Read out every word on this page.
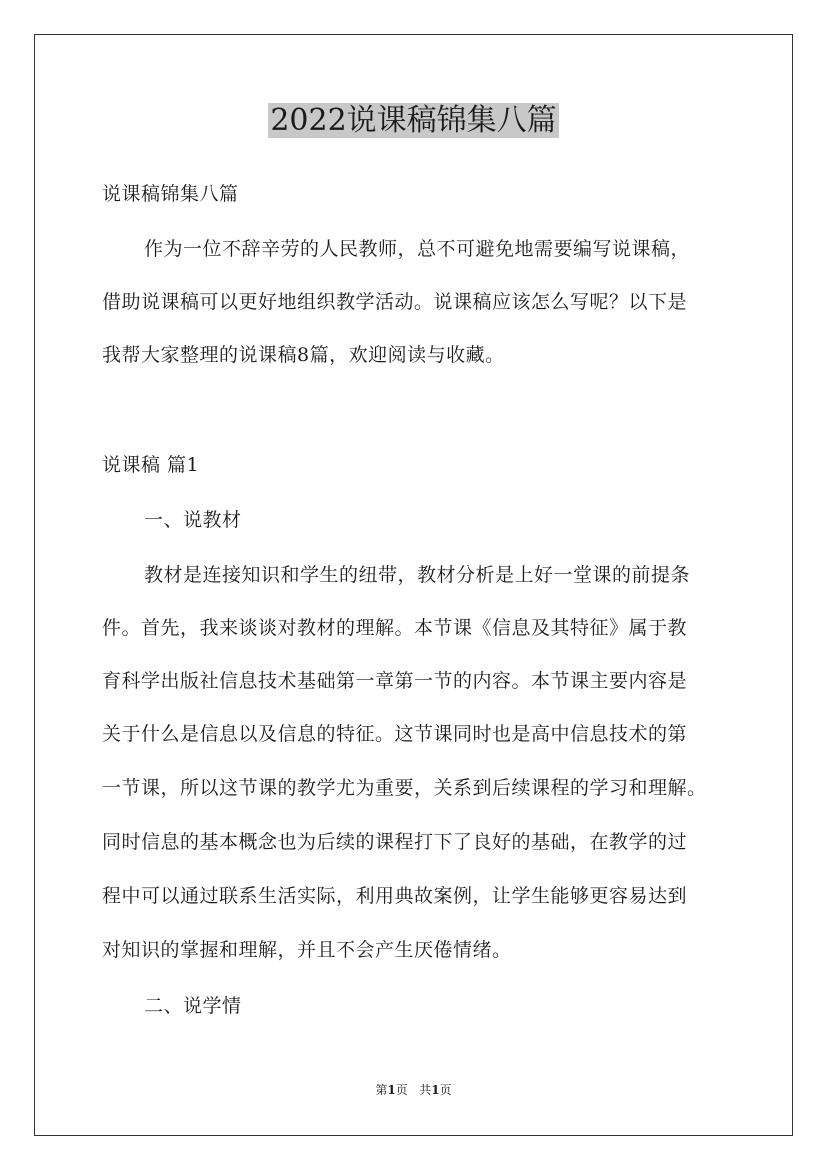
2022说课稿锦集八篇
说课稿锦集八篇
作为一位不辞辛劳的人民教师，总不可避免地需要编写说课稿，
借助说课稿可以更好地组织教学活动。说课稿应该怎么写呢？以下是
我帮大家整理的说课稿8篇，欢迎阅读与收藏。
说课稿 篇1
一、说教材
教材是连接知识和学生的纽带，教材分析是上好一堂课的前提条
件。首先，我来谈谈对教材的理解。本节课《信息及其特征》属于教
育科学出版社信息技术基础第一章第一节的内容。本节课主要内容是
关于什么是信息以及信息的特征。这节课同时也是高中信息技术的第
一节课，所以这节课的教学尤为重要，关系到后续课程的学习和理解。
同时信息的基本概念也为后续的课程打下了良好的基础，在教学的过
程中可以通过联系生活实际，利用典故案例，让学生能够更容易达到
对知识的掌握和理解，并且不会产生厌倦情绪。
二、说学情
第1页   共1页
